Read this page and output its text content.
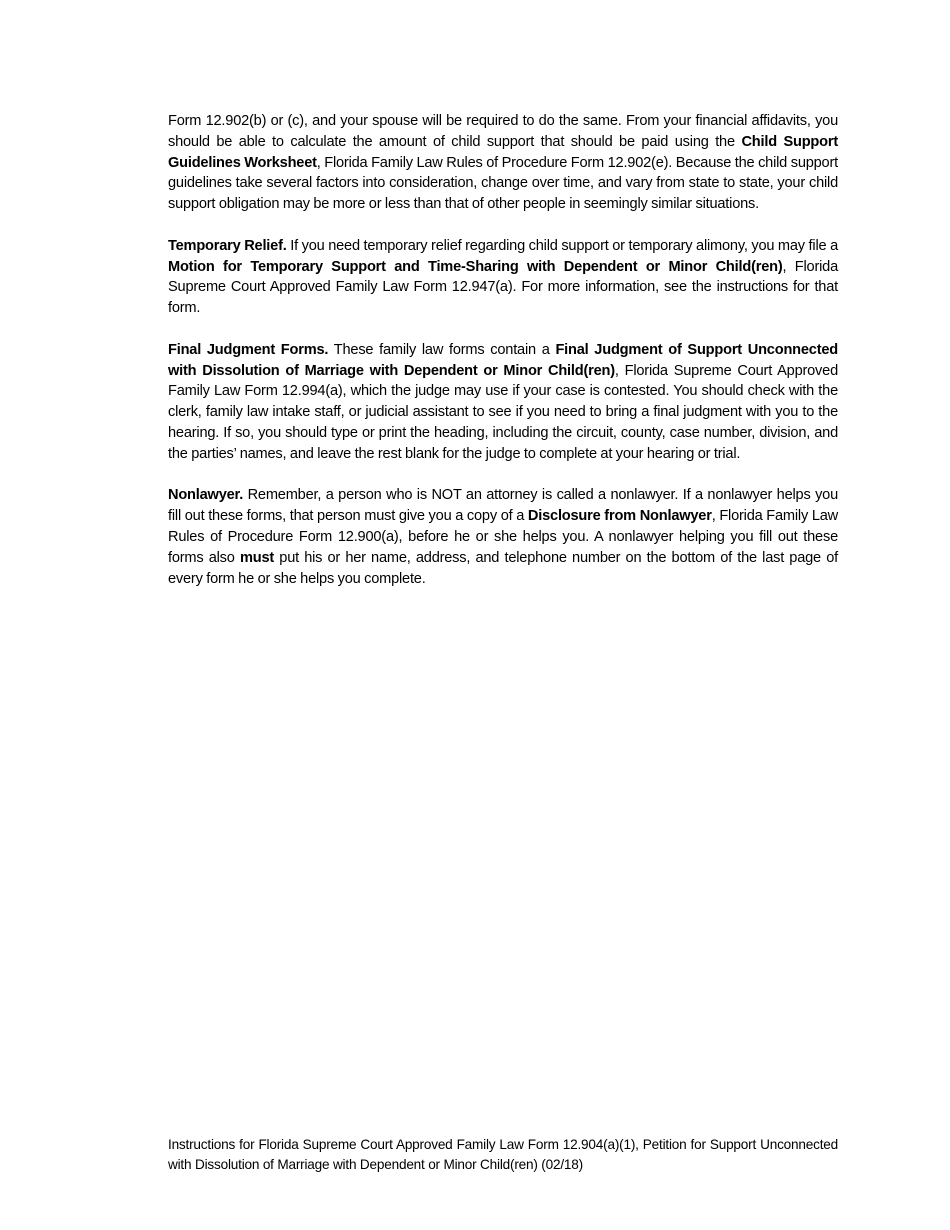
Form 12.902(b) or (c), and your spouse will be required to do the same. From your financial affidavits, you should be able to calculate the amount of child support that should be paid using the Child Support Guidelines Worksheet, Florida Family Law Rules of Procedure Form 12.902(e). Because the child support guidelines take several factors into consideration, change over time, and vary from state to state, your child support obligation may be more or less than that of other people in seemingly similar situations.

Temporary Relief. If you need temporary relief regarding child support or temporary alimony, you may file a Motion for Temporary Support and Time-Sharing with Dependent or Minor Child(ren), Florida Supreme Court Approved Family Law Form 12.947(a). For more information, see the instructions for that form.

Final Judgment Forms. These family law forms contain a Final Judgment of Support Unconnected with Dissolution of Marriage with Dependent or Minor Child(ren), Florida Supreme Court Approved Family Law Form 12.994(a), which the judge may use if your case is contested. You should check with the clerk, family law intake staff, or judicial assistant to see if you need to bring a final judgment with you to the hearing. If so, you should type or print the heading, including the circuit, county, case number, division, and the parties’ names, and leave the rest blank for the judge to complete at your hearing or trial.

Nonlawyer. Remember, a person who is NOT an attorney is called a nonlawyer. If a nonlawyer helps you fill out these forms, that person must give you a copy of a Disclosure from Nonlawyer, Florida Family Law Rules of Procedure Form 12.900(a), before he or she helps you. A nonlawyer helping you fill out these forms also must put his or her name, address, and telephone number on the bottom of the last page of every form he or she helps you complete.

Instructions for Florida Supreme Court Approved Family Law Form 12.904(a)(1), Petition for Support Unconnected with Dissolution of Marriage with Dependent or Minor Child(ren) (02/18)
